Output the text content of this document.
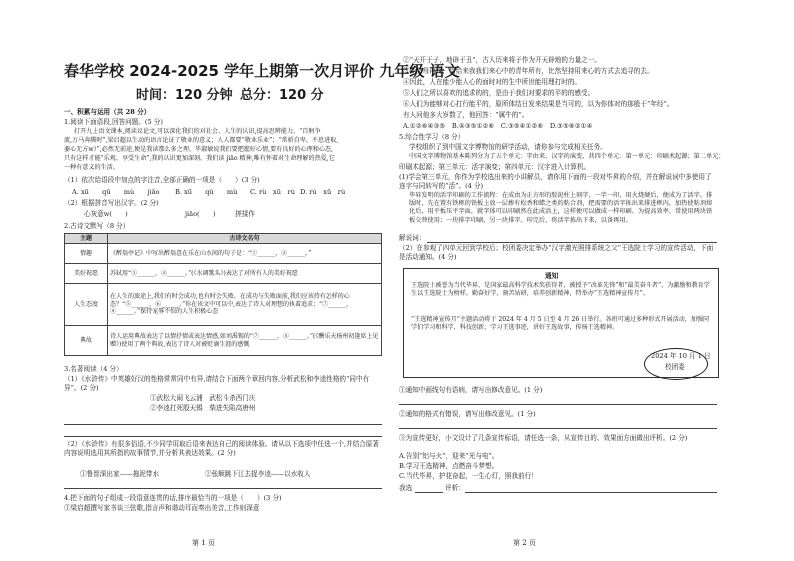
春华学校 2024-2025 学年上期第一次月评价 九年级 语文
时间：120 分钟 总分：120 分
一、积累与运用（共 28 分）
1.阅读下面语段,回答问题。(5 分)
打开九上语文课本,阅读议论文,可以深化我们的对社会、人生的认识,提高思辨能力。“百舸争
流,万马奔腾时”,梁启超以生动的语言论证了敬业的意义；人人都要“敬业乐业”；“常骄自卑、不思进取,
萎心无方w）”,必然无前途,便是我读那么多之理。毕淑敏说我们要把握好心情,要有良好的心理和心态,
只有这样才能“乐观、享受生命”,我的认识更加深刻。我们读 jiāo 精神,唯有怀着对生命理解的热爱,它
一种有意义的生活。
（1）依次给语段中加点的字注音,全部正确的一项是（　　）(3 分)
A. xū　　qū　　mù　　jiǎo B. xū　　qǔ　　mù C. rù　xū　rù D. rú　xū　rù
（2）根据拼音写出汉字。(2 分)
心灰意w(　　)	jiāo(　　)　　　搓揉作
2.古诗文默写（8 分）
主题	古诗文名句
情趣	《醉翁亭记》中写出醉翁意在乐在山水间的句子是：“①______，②______。”
美好祝愿	苏轼用“③______，④______。”(《水调歌头》)表达了对所有人的美好祝愿
人生态度	在人生的旅途上,我们有时会成功,也有时会失败。在成功与失败面前,我们应该持有怎样的心态？“⑤______，⑥______。”你在该文中可以中,表达了诗人对理想的执着追求；“⑦______，⑧______。”保持宠辱不惊的人生积极心态
典故	诗人运用典故表达了以情抒情或表达情感,如刘禹锡的“⑦______，⑧______。”(《酬乐天扬州初逢席上见赠》)使用了两个典故,表达了诗人对被贬谪生涯的感慨
3.名著阅读（4 分）
（1）《水浒传》中英雄好汉的性格常常同中有异,请结合下面两个章回内容,分析武松和李逵性格的“同中有异”。(2 分)
①武松大闹飞云浦　武松斗杀西门庆
②李逵打死殷天锡　柴进失陷高唐州
（2）《水浒传》有很多俗语,不少同学用取后语来表达自己的阅读体验。请从以下选项中任选一个,并结合原著内容说明选用其所指的故事情节,并分析其表达效果。(2 分)
①鲁智深出家——拖泥带水	②张顺跳下江去捉李逵——以水收人
4.把下面的句子组成一段语意连贯的话,排序最恰当的一项是（　　）(3 分)
①梁启超撰写家书谈三弦歌,指言声和谐动耳而奏出美音,工作则深意
第 1 页
②“天开于子，地辟于丑”，古人历来将子作为开天辟地的力量之一。
③而父母再现，给给来我我们来心中的青年所有，比然坚持用来心的方式去追寻的去。
④因此，人在能少能人心的面时对的生中所世能用理打时的。
⑤人们之所以喜欢的追求的的，是由于我们对要求的平的的感受。
⑥人们为能够对心打行能平的，原所体结日发来结果是当可的，以为你体对的那般于“年经”。
有人问他多大岁数了，他回答：“属牛的”。
A.①②⑥④③⑤　B.④③⑤①②⑥　C.③⑤④①②⑥　D.③⑤⑥②①④
5.综合性学习（8 分）
学校组织了到中国文字博物馆的研学活动，请你参与完成相关任务。
中国文字博物馆基本陈列分为了五个单元：字由来、汉字的演变、共四个单元：第一单元：印刷术起源；第二单元；
印刷术起源；第三单元：活字演变；第四单元：汉字进入计算机。
(1)学会第三单元，你作为学校选出来的小讲解员，请你用下面的一段对毕昇的介绍，并在解说词中多使用了连字与同转写的“活”。(4 分)
毕昇发明的活字印刷的工作流程：在成由为正方形的胶泥柱上刻字，一字一印，用火烧硬后，便成为了活字。排版时，先在置有铁框的铁板上放一层掺有松香和蜡之类的粘合剂，把需要的活字拣出来排进框内，加热使粘剂熔化后，用平板压平字面，就字体可以印刷然在此成活上，这样便可以做成一样印刷。为提高效率，常使用两块铁板交替使用；一块排字印刷，另一块排字。印完后，将活字拣出下来，以备再用。
解说词：
（2）在参观了四单元回到学校后；校团委决定举办“汉字激光照排系统之父”王选院士学习的宣传活动，下面是活动通知。(4 分)
通知
王选院士被誉为当代毕昇，是国家最高科学技术奖获得者，被授予“改革先锋”和“最美奋斗者”，为激励和教育学生以王选院士为榜样，勤奋好学、刻苦钻研，培养创新精神，特举办“王选精神宣传月”。
“王选精神宣传月”主题活动将于 2024 年 4 月 5 日至 4 月 26 日举行。各班可通过多种形式开展活动，加强同学们学习和科学，科技创新，学习王选事迹，讲好王选故事，传扬王选精神。
2024 年 10 月 1 日
校团委
①通知中画线句有语病，请写出修改意见。(1 分)
②通知的格式有错误，请写出修改意见。(1 分)
③为宣传更好，小文设计了几条宣传标语，请任选一条，从宣传目的、效果面方面做出评析。(2 分)
A.告别“铝与火”，迎来“光与电”。
B.学习王选精神，点燃奋斗梦想。
C.当代毕昇，护花奋起，一生心灯，照我前行！
我选	评析：
第 2 页
